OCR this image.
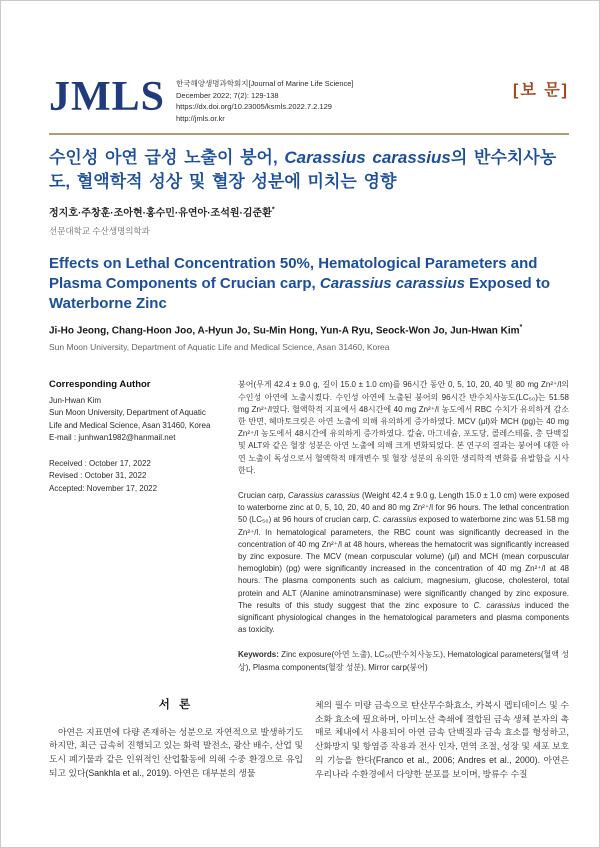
JMLS 한국해양생명과학회지[Journal of Marine Life Science]
December 2022; 7(2): 129-138
https://dx.doi.org/10.23005/ksmls.2022.7.2.129
http://jmls.or.kr
[보 문]
수인성 아연 급성 노출이 붕어, Carassius carassius의 반수치사농도, 혈액학적 성상 및 혈장 성분에 미치는 영향
정지호·주창훈·조아현·홍수민·유연아·조석원·김준환*
선문대학교 수산생명의학과
Effects on Lethal Concentration 50%, Hematological Parameters and Plasma Components of Crucian carp, Carassius carassius Exposed to Waterborne Zinc
Ji-Ho Jeong, Chang-Hoon Joo, A-Hyun Jo, Su-Min Hong, Yun-A Ryu, Seock-Won Jo, Jun-Hwan Kim*
Sun Moon University, Department of Aquatic Life and Medical Science, Asan 31460, Korea
Corresponding Author
Jun-Hwan Kim
Sun Moon University, Department of Aquatic Life and Medical Science, Asan 31460, Korea
E-mail : junhwan1982@hanmail.net
Received : October 17, 2022
Revised : October 31, 2022
Accepted: November 17, 2022
붕어(무게 42.4 ± 9.0 g, 길이 15.0 ± 1.0 cm)를 96시간 동안 0, 5, 10, 20, 40 및 80 mg Zn²⁺/l의 수인성 아연에 노출시켰다. 수인성 아연에 노출된 붕어의 96시간 반수치사농도(LC₅₀)는 51.58 mg Zn²⁺/l였다. 혈액학적 지표에서 48시간에 40 mg Zn²⁺/l 농도에서 RBC 수치가 유의하게 감소한 반면, 헤마토크릿은 아연 노출에 의해 유의하게 증가하였다. MCV (μl)와 MCH (pg)는 40 mg Zn²⁺/l 농도에서 48시간에 유의하게 증가하였다. 칼슘, 마그네슘, 포도당, 콜레스테롤, 총 단백질 및 ALT와 같은 혈장 성분은 아연 노출에 의해 크게 변화되었다. 본 연구의 결과는 붕어에 대한 아연 노출이 독성으로서 혈액학적 매개변수 및 혈장 성분의 유의한 생리학적 변화를 유발함을 시사한다.
Crucian carp, Carassius carassius (Weight 42.4 ± 9.0 g, Length 15.0 ± 1.0 cm) were exposed to waterborne zinc at 0, 5, 10, 20, 40 and 80 mg Zn²⁺/l for 96 hours. The lethal concentration 50 (LC₅₀) at 96 hours of crucian carp, C. carassius exposed to waterborne zinc was 51.58 mg Zn²⁺/l. In hematological parameters, the RBC count was significantly decreased in the concentration of 40 mg Zn²⁺/l at 48 hours, whereas the hematocrit was significantly increased by zinc exposure. The MCV (mean corpuscular volume) (μl) and MCH (mean corpuscular hemoglobin) (pg) were significantly increased in the concentration of 40 mg Zn²⁺/l at 48 hours. The plasma components such as calcium, magnesium, glucose, cholesterol, total protein and ALT (Alanine aminotransminase) were significantly changed by zinc exposure. The results of this study suggest that the zinc exposure to C. carassius induced the significant physiological changes in the hematological parameters and plasma components as toxicity.
Keywords: Zinc exposure(아연 노출), LC₅₀(반수치사농도), Hematological parameters(혈액 성상), Plasma components(혈장 성분), Mirror carp(붕어)
서 론
아연은 지표면에 다량 존재하는 성분으로 자연적으로 발생하기도 하지만, 최근 급속히 진행되고 있는 화력 발전소, 광산 배수, 산업 및 도시 폐기물과 같은 인위적인 산업활동에 의해 수중 환경으로 유입되고 있다(Sankhla et al., 2019). 아연은 대부분의 생물
체의 필수 미량 금속으로 탄산무수화효소, 카복시 펩티데이스 및 수소화 효소에 필요하며, 아미노산 측쇄에 결합된 금속 생체 분자의 촉매로 체내에서 사용되어 아연 금속 단백질과 금속 효소를 형성하고, 산화방지 및 항염증 작용과 전사 인자, 면역 조절, 성장 및 세포 보호의 기능을 한다(Franco et al., 2006; Andres et al., 2000). 아연은 우리나라 수환경에서 다양한 분포를 보이며, 방류수 수질
